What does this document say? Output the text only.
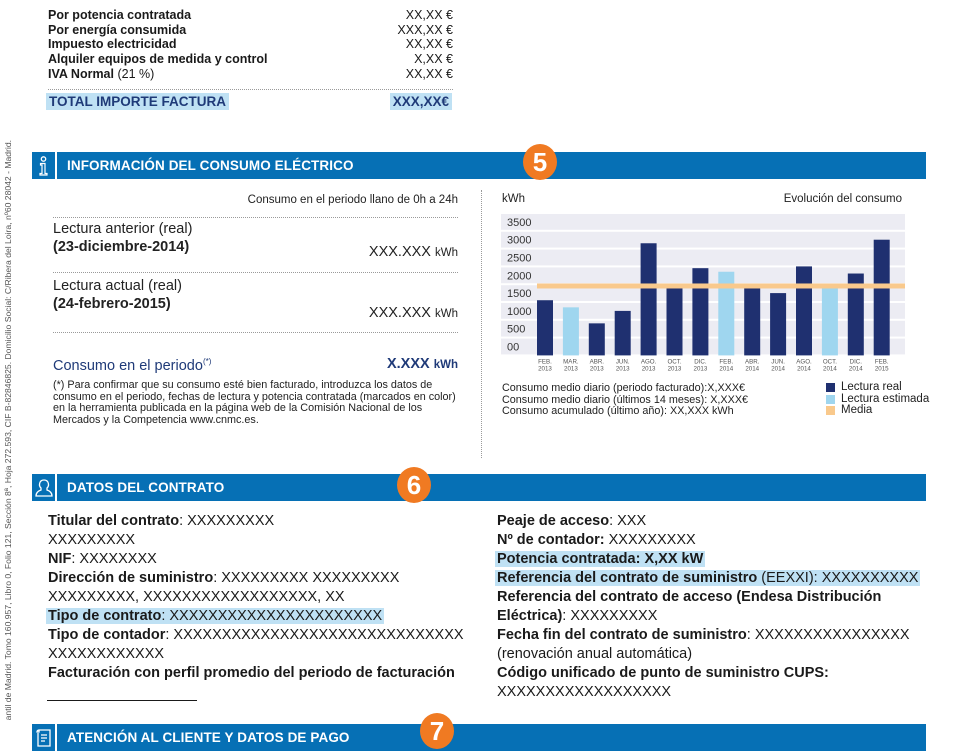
antil de Madrid. Tomo 160.957, Libro 0, Folio 121, Sección 8ª, Hoja 272.593, CIF B-82846825. Domicilio Social: C/Ribera del Loira, nº60 28042 - Madrid.
Por potencia contratada	XX,XX €
Por energía consumida	XXX,XX €
Impuesto electricidad	XX,XX €
Alquiler equipos de medida y control	X,XX €
IVA Normal (21 %)	XX,XX €
TOTAL IMPORTE FACTURA	XXX,XX€
INFORMACIÓN DEL CONSUMO ELÉCTRICO	5
Consumo en el periodo llano de 0h a 24h
Lectura anterior (real)
(23-diciembre-2014)	XXX.XXX kWh
Lectura actual (real)
(24-febrero-2015)
XXX.XXX kWh
Consumo en el periodo(*)	X.XXX kWh
(*) Para confirmar que su consumo esté bien facturado, introduzca los datos de consumo en el periodo, fechas de lectura y potencia contratada (marcados en color) en la herramienta publicada en la página web de la Comisión Nacional de los Mercados y la Competencia www.cnmc.es.
kWh	Evolución del consumo
00
500
1000
1500
2000
2500
3000
3500
FEB. 2013
MAR. 2013
ABR. 2013
JUN. 2013
AGO. 2013
OCT. 2013
DIC. 2013
FEB. 2014
ABR. 2014
JUN. 2014
AGO. 2014
OCT. 2014
DIC. 2014
FEB. 2015
Consumo medio diario (periodo facturado):X,XXX€
Consumo medio diario (últimos 14 meses): X,XXX€
Consumo acumulado (último año): XX,XXX kWh
Lectura real
Lectura estimada
Media
DATOS DEL CONTRATO	6
Titular del contrato: XXXXXXXXX
XXXXXXXXX
NIF: XXXXXXXX
Dirección de suministro: XXXXXXXXX XXXXXXXXX
XXXXXXXXX, XXXXXXXXXXXXXXXXXX, XX
Tipo de contrato: XXXXXXXXXXXXXXXXXXXXXX
Tipo de contador: XXXXXXXXXXXXXXXXXXXXXXXXXXXXXX
XXXXXXXXXXXX
Facturación con perfil promedio del periodo de facturación
Peaje de acceso: XXX
Nº de contador: XXXXXXXXX
Potencia contratada: X,XX kW
Referencia del contrato de suministro (EEXXI): XXXXXXXXXX
Referencia del contrato de acceso (Endesa Distribución
Eléctrica): XXXXXXXXX
Fecha fin del contrato de suministro: XXXXXXXXXXXXXXXX
(renovación anual automática)
Código unificado de punto de suministro CUPS:
XXXXXXXXXXXXXXXXXX
ATENCIÓN AL CLIENTE Y DATOS DE PAGO	7
